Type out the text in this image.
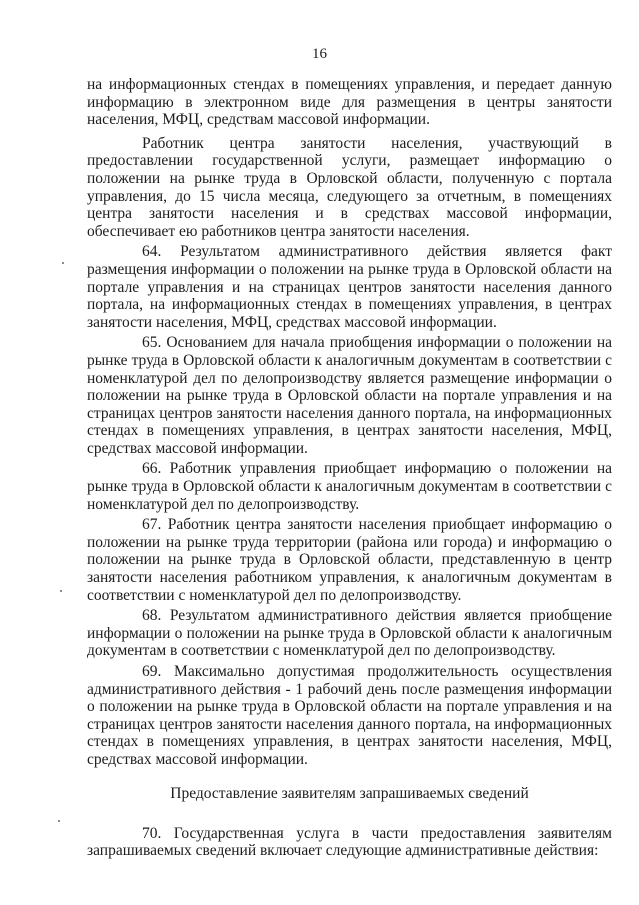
16

на информационных стендах в помещениях управления, и передает данную информацию в электронном виде для размещения в центры занятости населения, МФЦ, средствам массовой информации.

Работник центра занятости населения, участвующий в предоставлении государственной услуги, размещает информацию о положении на рынке труда в Орловской области, полученную с портала управления, до 15 числа месяца, следующего за отчетным, в помещениях центра занятости населения и в средствах массовой информации, обеспечивает ею работников центра занятости населения.

64. Результатом административного действия является факт размещения информации о положении на рынке труда в Орловской области на портале управления и на страницах центров занятости населения данного портала, на информационных стендах в помещениях управления, в центрах занятости населения, МФЦ, средствах массовой информации.

65. Основанием для начала приобщения информации о положении на рынке труда в Орловской области к аналогичным документам в соответствии с номенклатурой дел по делопроизводству является размещение информации о положении на рынке труда в Орловской области на портале управления и на страницах центров занятости населения данного портала, на информационных стендах в помещениях управления, в центрах занятости населения, МФЦ, средствах массовой информации.

66. Работник управления приобщает информацию о положении на рынке труда в Орловской области к аналогичным документам в соответствии с номенклатурой дел по делопроизводству.

67. Работник центра занятости населения приобщает информацию о положении на рынке труда территории (района или города) и информацию о положении на рынке труда в Орловской области, представленную в центр занятости населения работником управления, к аналогичным документам в соответствии с номенклатурой дел по делопроизводству.

68. Результатом административного действия является приобщение информации о положении на рынке труда в Орловской области к аналогичным документам в соответствии с номенклатурой дел по делопроизводству.

69. Максимально допустимая продолжительность осуществления административного действия - 1 рабочий день после размещения информации о положении на рынке труда в Орловской области на портале управления и на страницах центров занятости населения данного портала, на информационных стендах в помещениях управления, в центрах занятости населения, МФЦ, средствах массовой информации.

Предоставление заявителям запрашиваемых сведений

70. Государственная услуга в части предоставления заявителям запрашиваемых сведений включает следующие административные действия:
